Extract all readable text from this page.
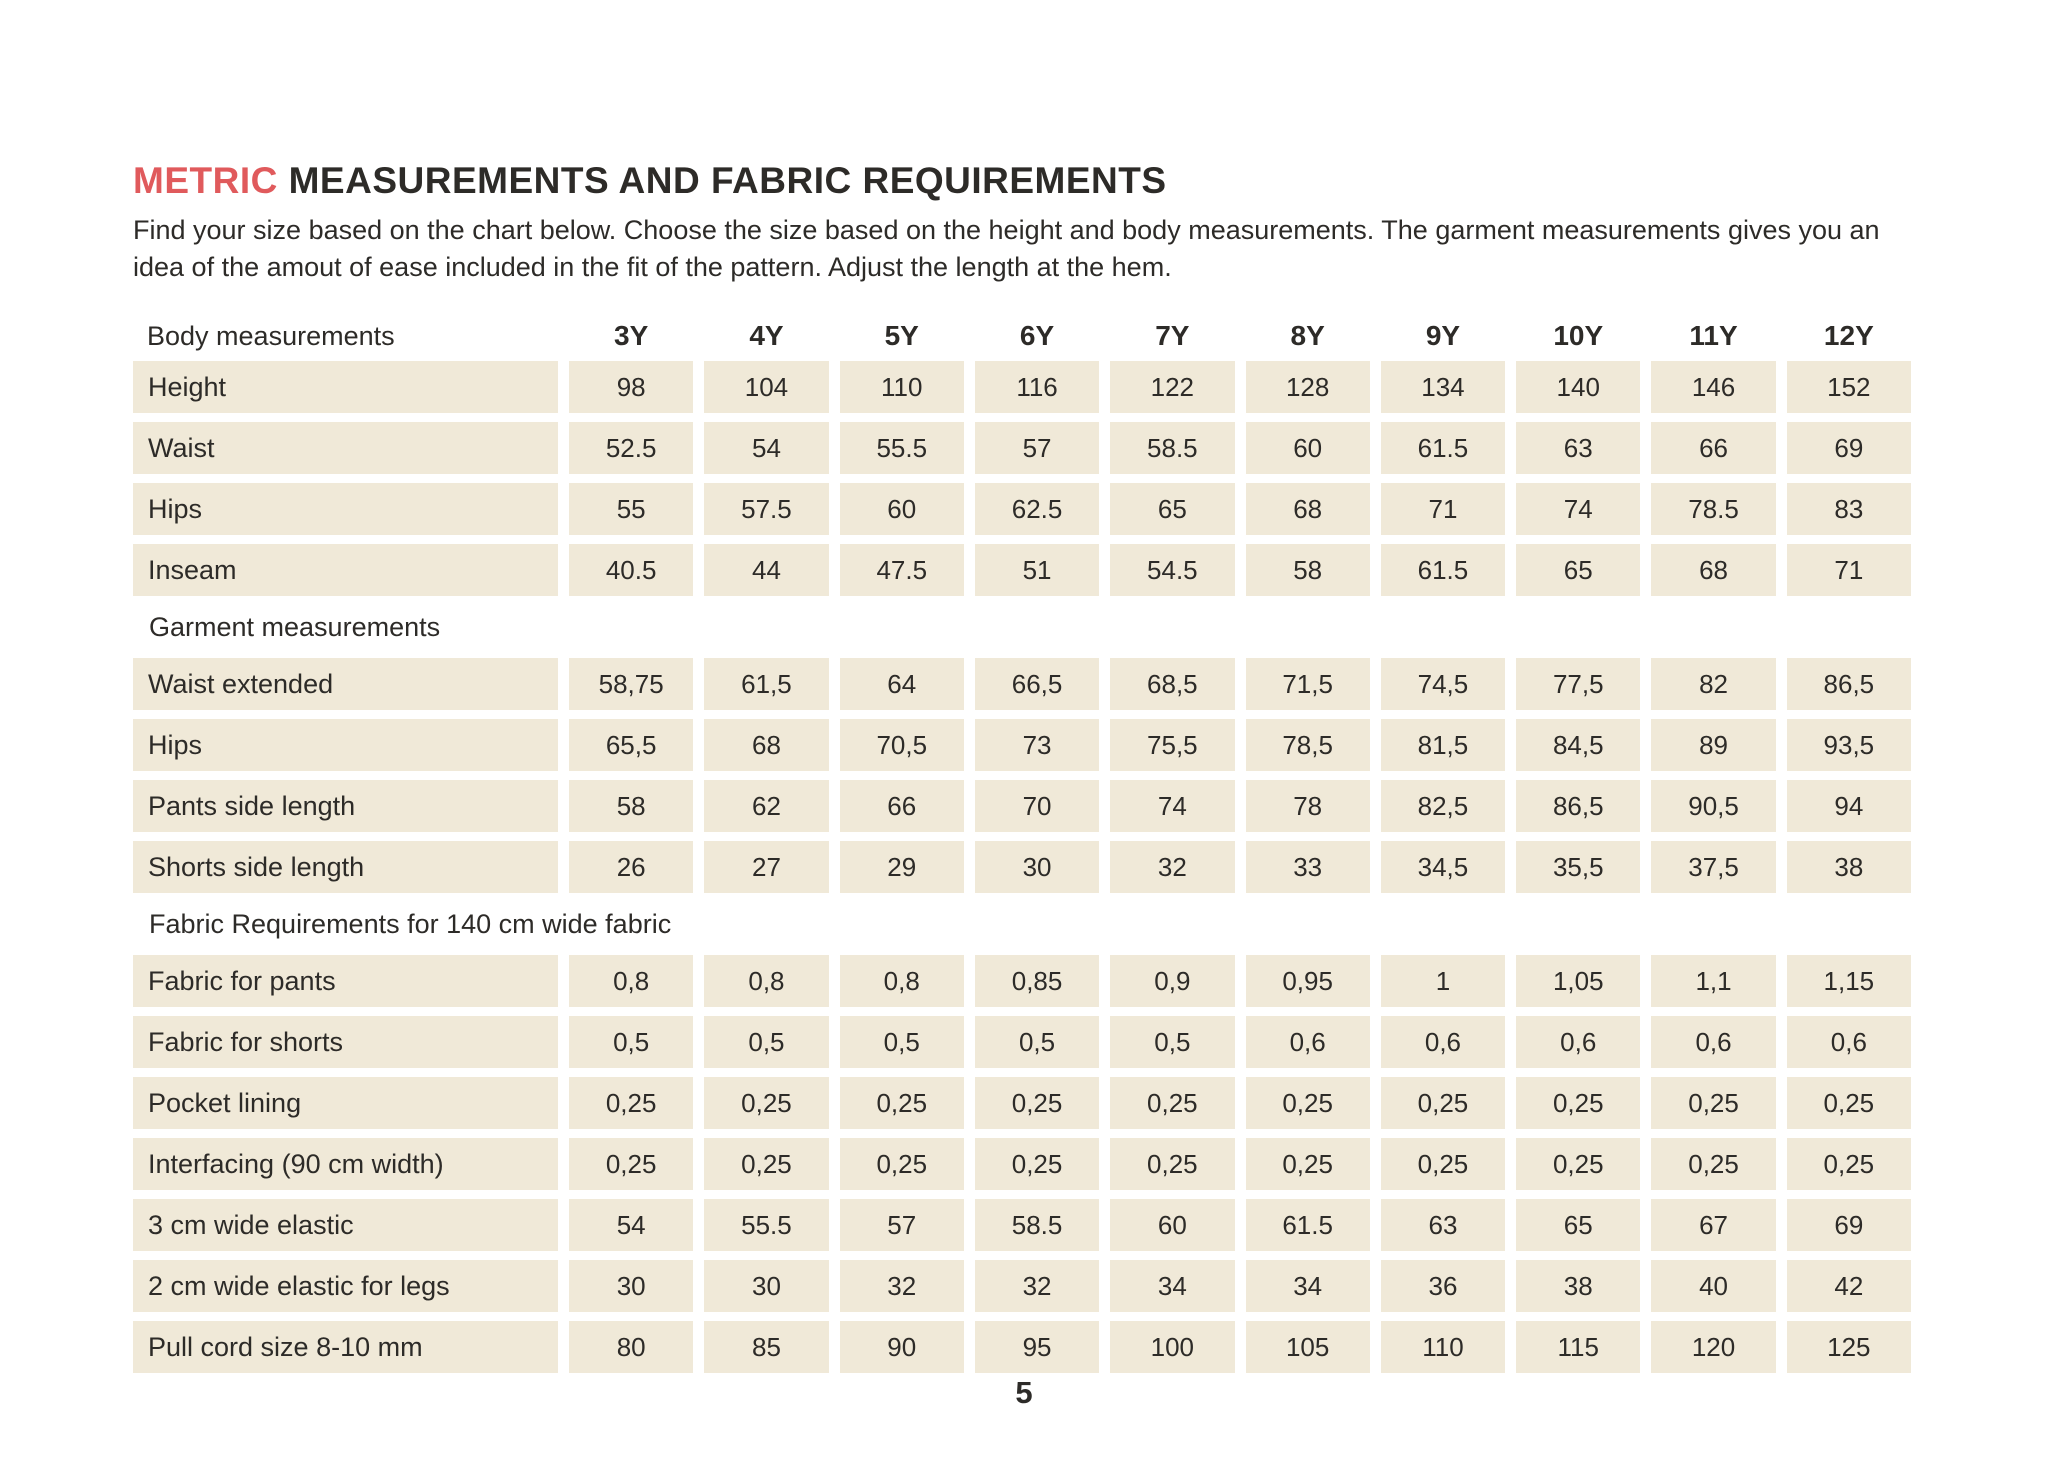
METRIC MEASUREMENTS AND FABRIC REQUIREMENTS

Find your size based on the chart below. Choose the size based on the height and body measurements. The garment measurements gives you an idea of the amout of ease included in the fit of the pattern. Adjust the length at the hem.

Body measurements	3Y	4Y	5Y	6Y	7Y	8Y	9Y	10Y	11Y	12Y
Height	98	104	110	116	122	128	134	140	146	152
Waist	52.5	54	55.5	57	58.5	60	61.5	63	66	69
Hips	55	57.5	60	62.5	65	68	71	74	78.5	83
Inseam	40.5	44	47.5	51	54.5	58	61.5	65	68	71
Garment measurements
Waist extended	58,75	61,5	64	66,5	68,5	71,5	74,5	77,5	82	86,5
Hips	65,5	68	70,5	73	75,5	78,5	81,5	84,5	89	93,5
Pants side length	58	62	66	70	74	78	82,5	86,5	90,5	94
Shorts side length	26	27	29	30	32	33	34,5	35,5	37,5	38
Fabric Requirements for 140 cm wide fabric
Fabric for pants	0,8	0,8	0,8	0,85	0,9	0,95	1	1,05	1,1	1,15
Fabric for shorts	0,5	0,5	0,5	0,5	0,5	0,6	0,6	0,6	0,6	0,6
Pocket lining	0,25	0,25	0,25	0,25	0,25	0,25	0,25	0,25	0,25	0,25
Interfacing (90 cm width)	0,25	0,25	0,25	0,25	0,25	0,25	0,25	0,25	0,25	0,25
3 cm wide elastic	54	55.5	57	58.5	60	61.5	63	65	67	69
2 cm wide elastic for legs	30	30	32	32	34	34	36	38	40	42
Pull cord size 8-10 mm	80	85	90	95	100	105	110	115	120	125
5
